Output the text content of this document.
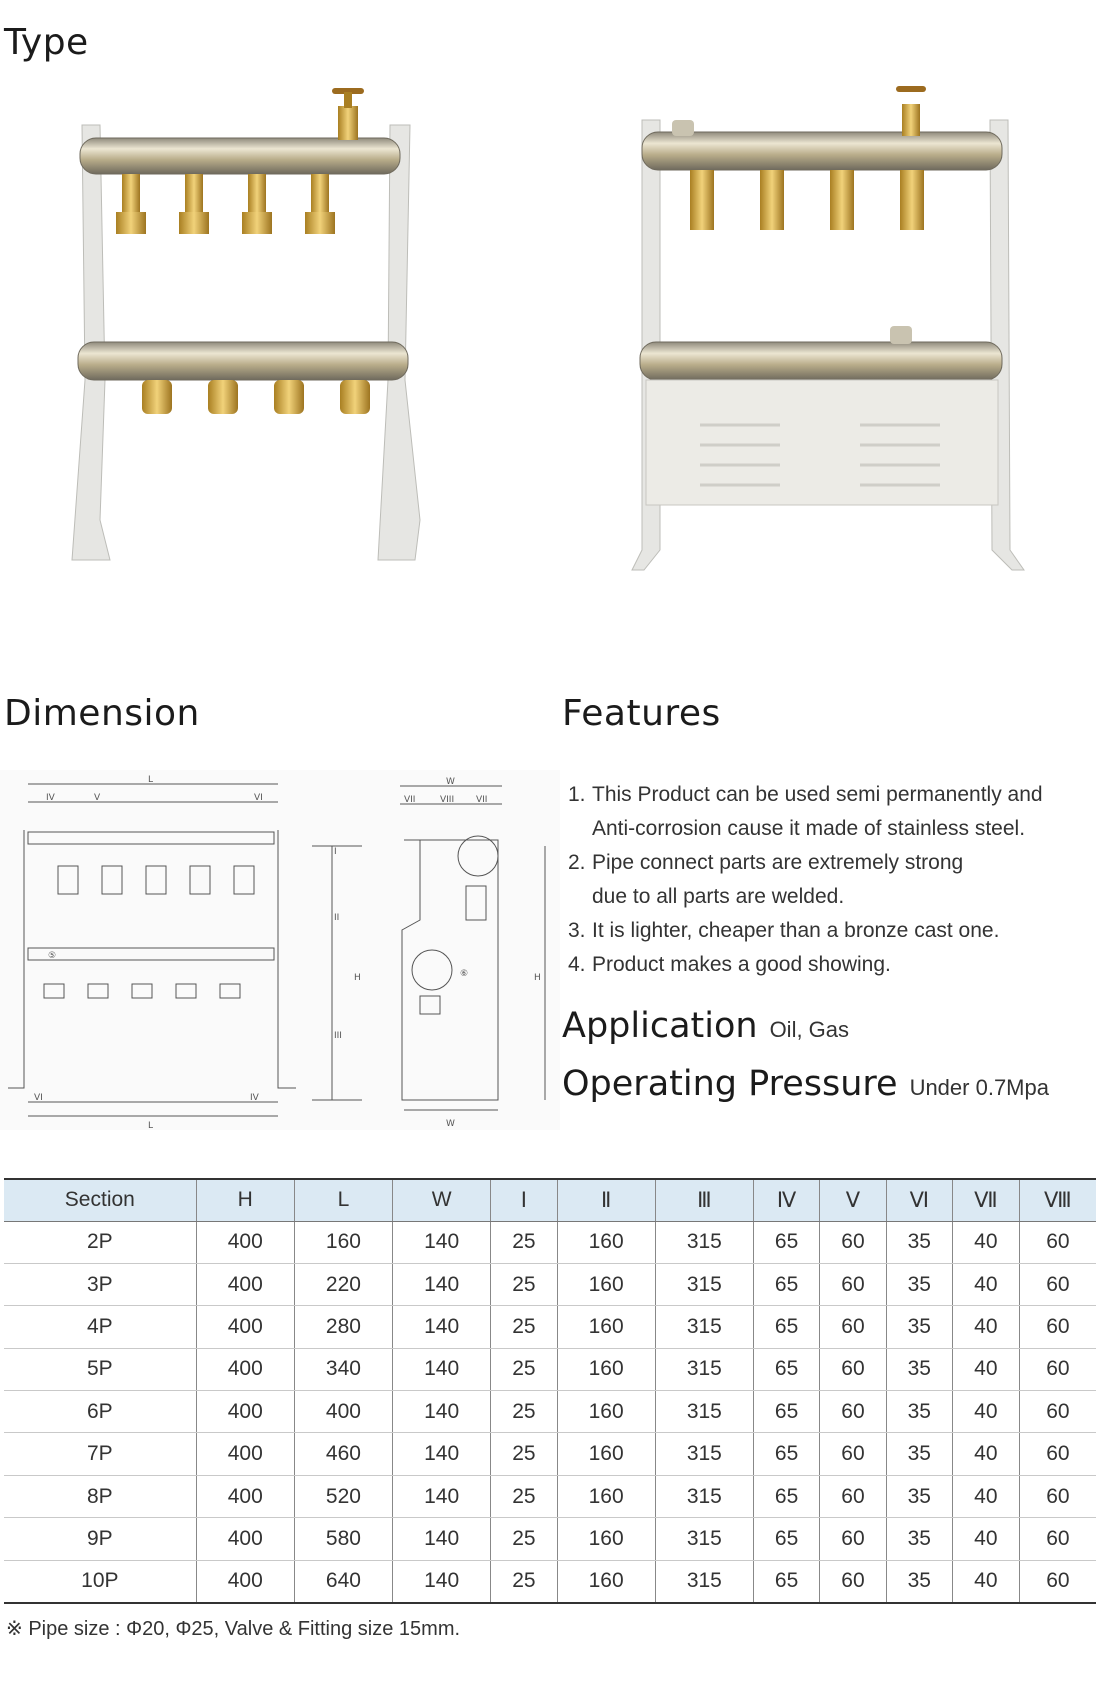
Type
Dimension	Features
L
IV	V	VI
⑤
VI	IV
L
I
II
H
III
W
VII	VIII VII
⑥	H
W
1. This Product can be used semi permanently and
Anti-corrosion cause it made of stainless steel.
2. Pipe connect parts are extremely strong
due to all parts are welded.
3. It is lighter, cheaper than a bronze cast one.
4. Product makes a good showing.
Application Oil, Gas
Operating Pressure Under 0.7Mpa
Section	H	L	W	Ⅰ	Ⅱ	Ⅲ	Ⅳ	Ⅴ	Ⅵ	Ⅶ	Ⅷ
2P	400	160	140	25	160	315	65	60	35	40	60
3P	400	220	140	25	160	315	65	60	35	40	60
4P	400	280	140	25	160	315	65	60	35	40	60
5P	400	340	140	25	160	315	65	60	35	40	60
6P	400	400	140	25	160	315	65	60	35	40	60
7P	400	460	140	25	160	315	65	60	35	40	60
8P	400	520	140	25	160	315	65	60	35	40	60
9P	400	580	140	25	160	315	65	60	35	40	60
10P	400	640	140	25	160	315	65	60	35	40	60
※ Pipe size : Φ20, Φ25, Valve & Fitting size 15mm.
